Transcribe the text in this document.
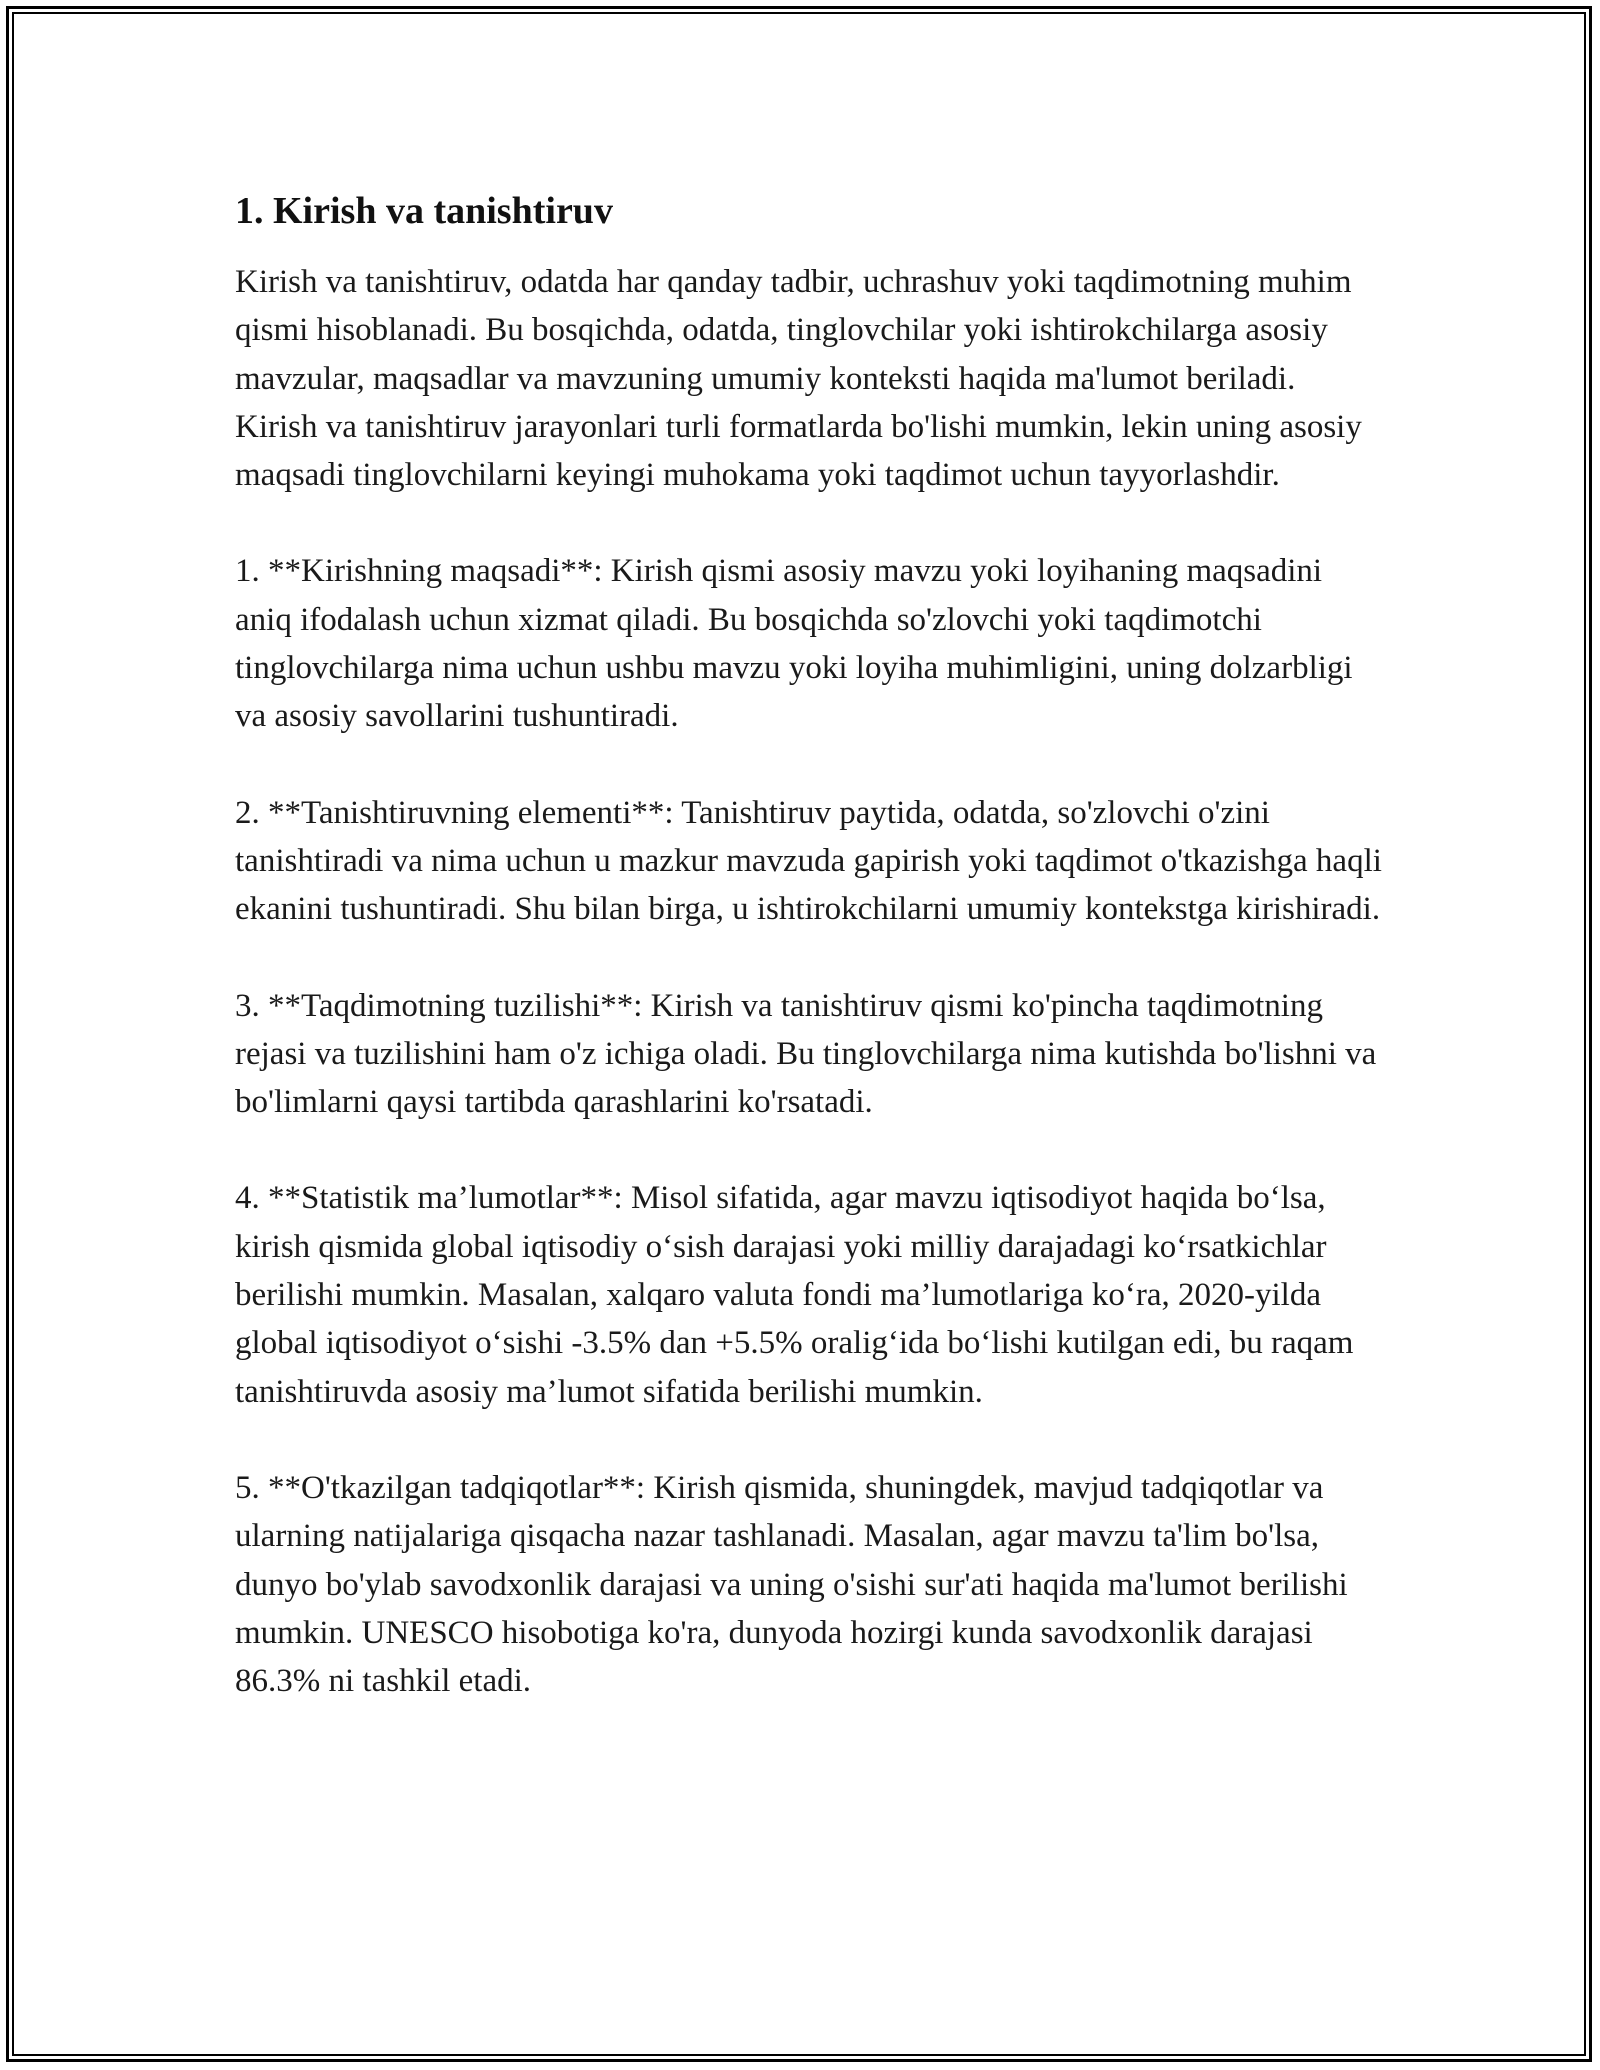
1. Kirish va tanishtiruv

Kirish va tanishtiruv, odatda har qanday tadbir, uchrashuv yoki taqdimotning muhim qismi hisoblanadi. Bu bosqichda, odatda, tinglovchilar yoki ishtirokchilarga asosiy mavzular, maqsadlar va mavzuning umumiy konteksti haqida ma'lumot beriladi. Kirish va tanishtiruv jarayonlari turli formatlarda bo'lishi mumkin, lekin uning asosiy maqsadi tinglovchilarni keyingi muhokama yoki taqdimot uchun tayyorlashdir.

1. **Kirishning maqsadi**: Kirish qismi asosiy mavzu yoki loyihaning maqsadini aniq ifodalash uchun xizmat qiladi. Bu bosqichda so'zlovchi yoki taqdimotchi tinglovchilarga nima uchun ushbu mavzu yoki loyiha muhimligini, uning dolzarbligi va asosiy savollarini tushuntiradi.

2. **Tanishtiruvning elementi**: Tanishtiruv paytida, odatda, so'zlovchi o'zini tanishtiradi va nima uchun u mazkur mavzuda gapirish yoki taqdimot o'tkazishga haqli ekanini tushuntiradi. Shu bilan birga, u ishtirokchilarni umumiy kontekstga kirishiradi.

3. **Taqdimotning tuzilishi**: Kirish va tanishtiruv qismi ko'pincha taqdimotning rejasi va tuzilishini ham o'z ichiga oladi. Bu tinglovchilarga nima kutishda bo'lishni va bo'limlarni qaysi tartibda qarashlarini ko'rsatadi.

4. **Statistik ma’lumotlar**: Misol sifatida, agar mavzu iqtisodiyot haqida bo‘lsa, kirish qismida global iqtisodiy o‘sish darajasi yoki milliy darajadagi ko‘rsatkichlar berilishi mumkin. Masalan, xalqaro valuta fondi ma’lumotlariga ko‘ra, 2020-yilda global iqtisodiyot o‘sishi -3.5% dan +5.5% oralig‘ida bo‘lishi kutilgan edi, bu raqam tanishtiruvda asosiy ma’lumot sifatida berilishi mumkin.

5. **O'tkazilgan tadqiqotlar**: Kirish qismida, shuningdek, mavjud tadqiqotlar va ularning natijalariga qisqacha nazar tashlanadi. Masalan, agar mavzu ta'lim bo'lsa, dunyo bo'ylab savodxonlik darajasi va uning o'sishi sur'ati haqida ma'lumot berilishi mumkin. UNESCO hisobotiga ko'ra, dunyoda hozirgi kunda savodxonlik darajasi 86.3% ni tashkil etadi.
